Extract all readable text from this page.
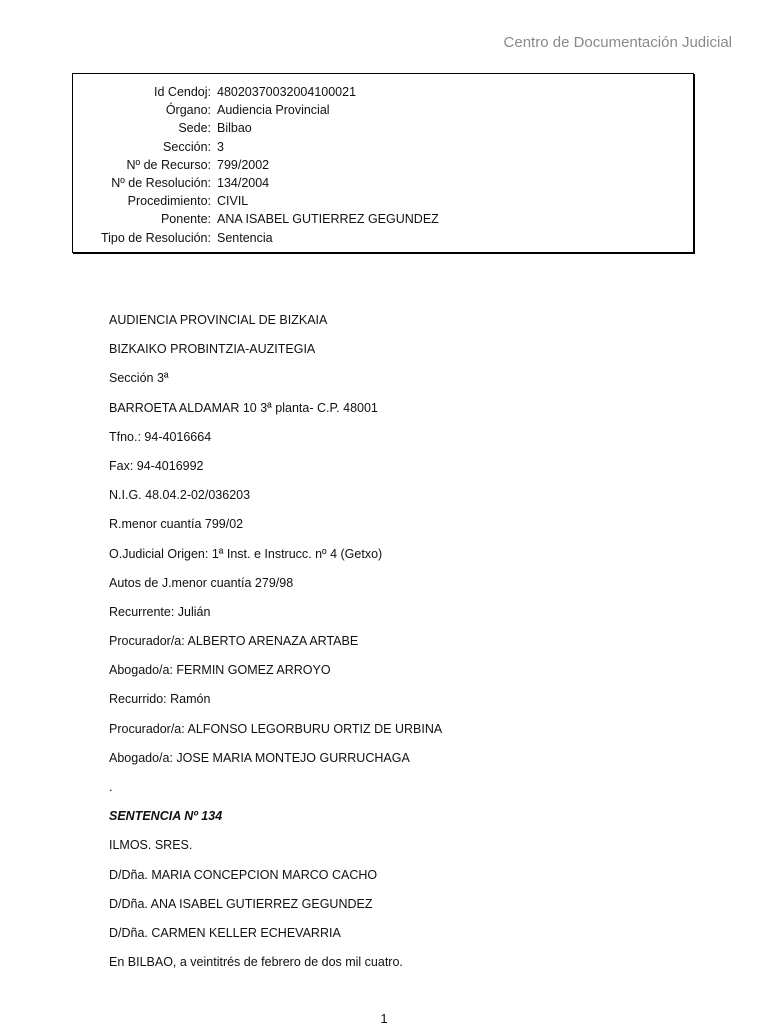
Centro de Documentación Judicial
Id Cendoj: 48020370032004100021
Órgano: Audiencia Provincial
Sede: Bilbao
Sección: 3
Nº de Recurso: 799/2002
Nº de Resolución: 134/2004
Procedimiento: CIVIL
Ponente: ANA ISABEL GUTIERREZ GEGUNDEZ
Tipo de Resolución: Sentencia
AUDIENCIA PROVINCIAL DE BIZKAIA
BIZKAIKO PROBINTZIA-AUZITEGIA
Sección 3ª
BARROETA ALDAMAR 10 3ª planta- C.P. 48001
Tfno.: 94-4016664
Fax: 94-4016992
N.I.G. 48.04.2-02/036203
R.menor cuantía 799/02
O.Judicial Origen: 1ª Inst. e Instrucc. nº 4 (Getxo)
Autos de J.menor cuantía 279/98
Recurrente: Julián
Procurador/a: ALBERTO ARENAZA ARTABE
Abogado/a: FERMIN GOMEZ ARROYO
Recurrido: Ramón
Procurador/a: ALFONSO LEGORBURU ORTIZ DE URBINA
Abogado/a: JOSE MARIA MONTEJO GURRUCHAGA
.
SENTENCIA Nº 134
ILMOS. SRES.
D/Dña. MARIA CONCEPCION MARCO CACHO
D/Dña. ANA ISABEL GUTIERREZ GEGUNDEZ
D/Dña. CARMEN KELLER ECHEVARRIA
En BILBAO, a veintitrés de febrero de dos mil cuatro.
1
